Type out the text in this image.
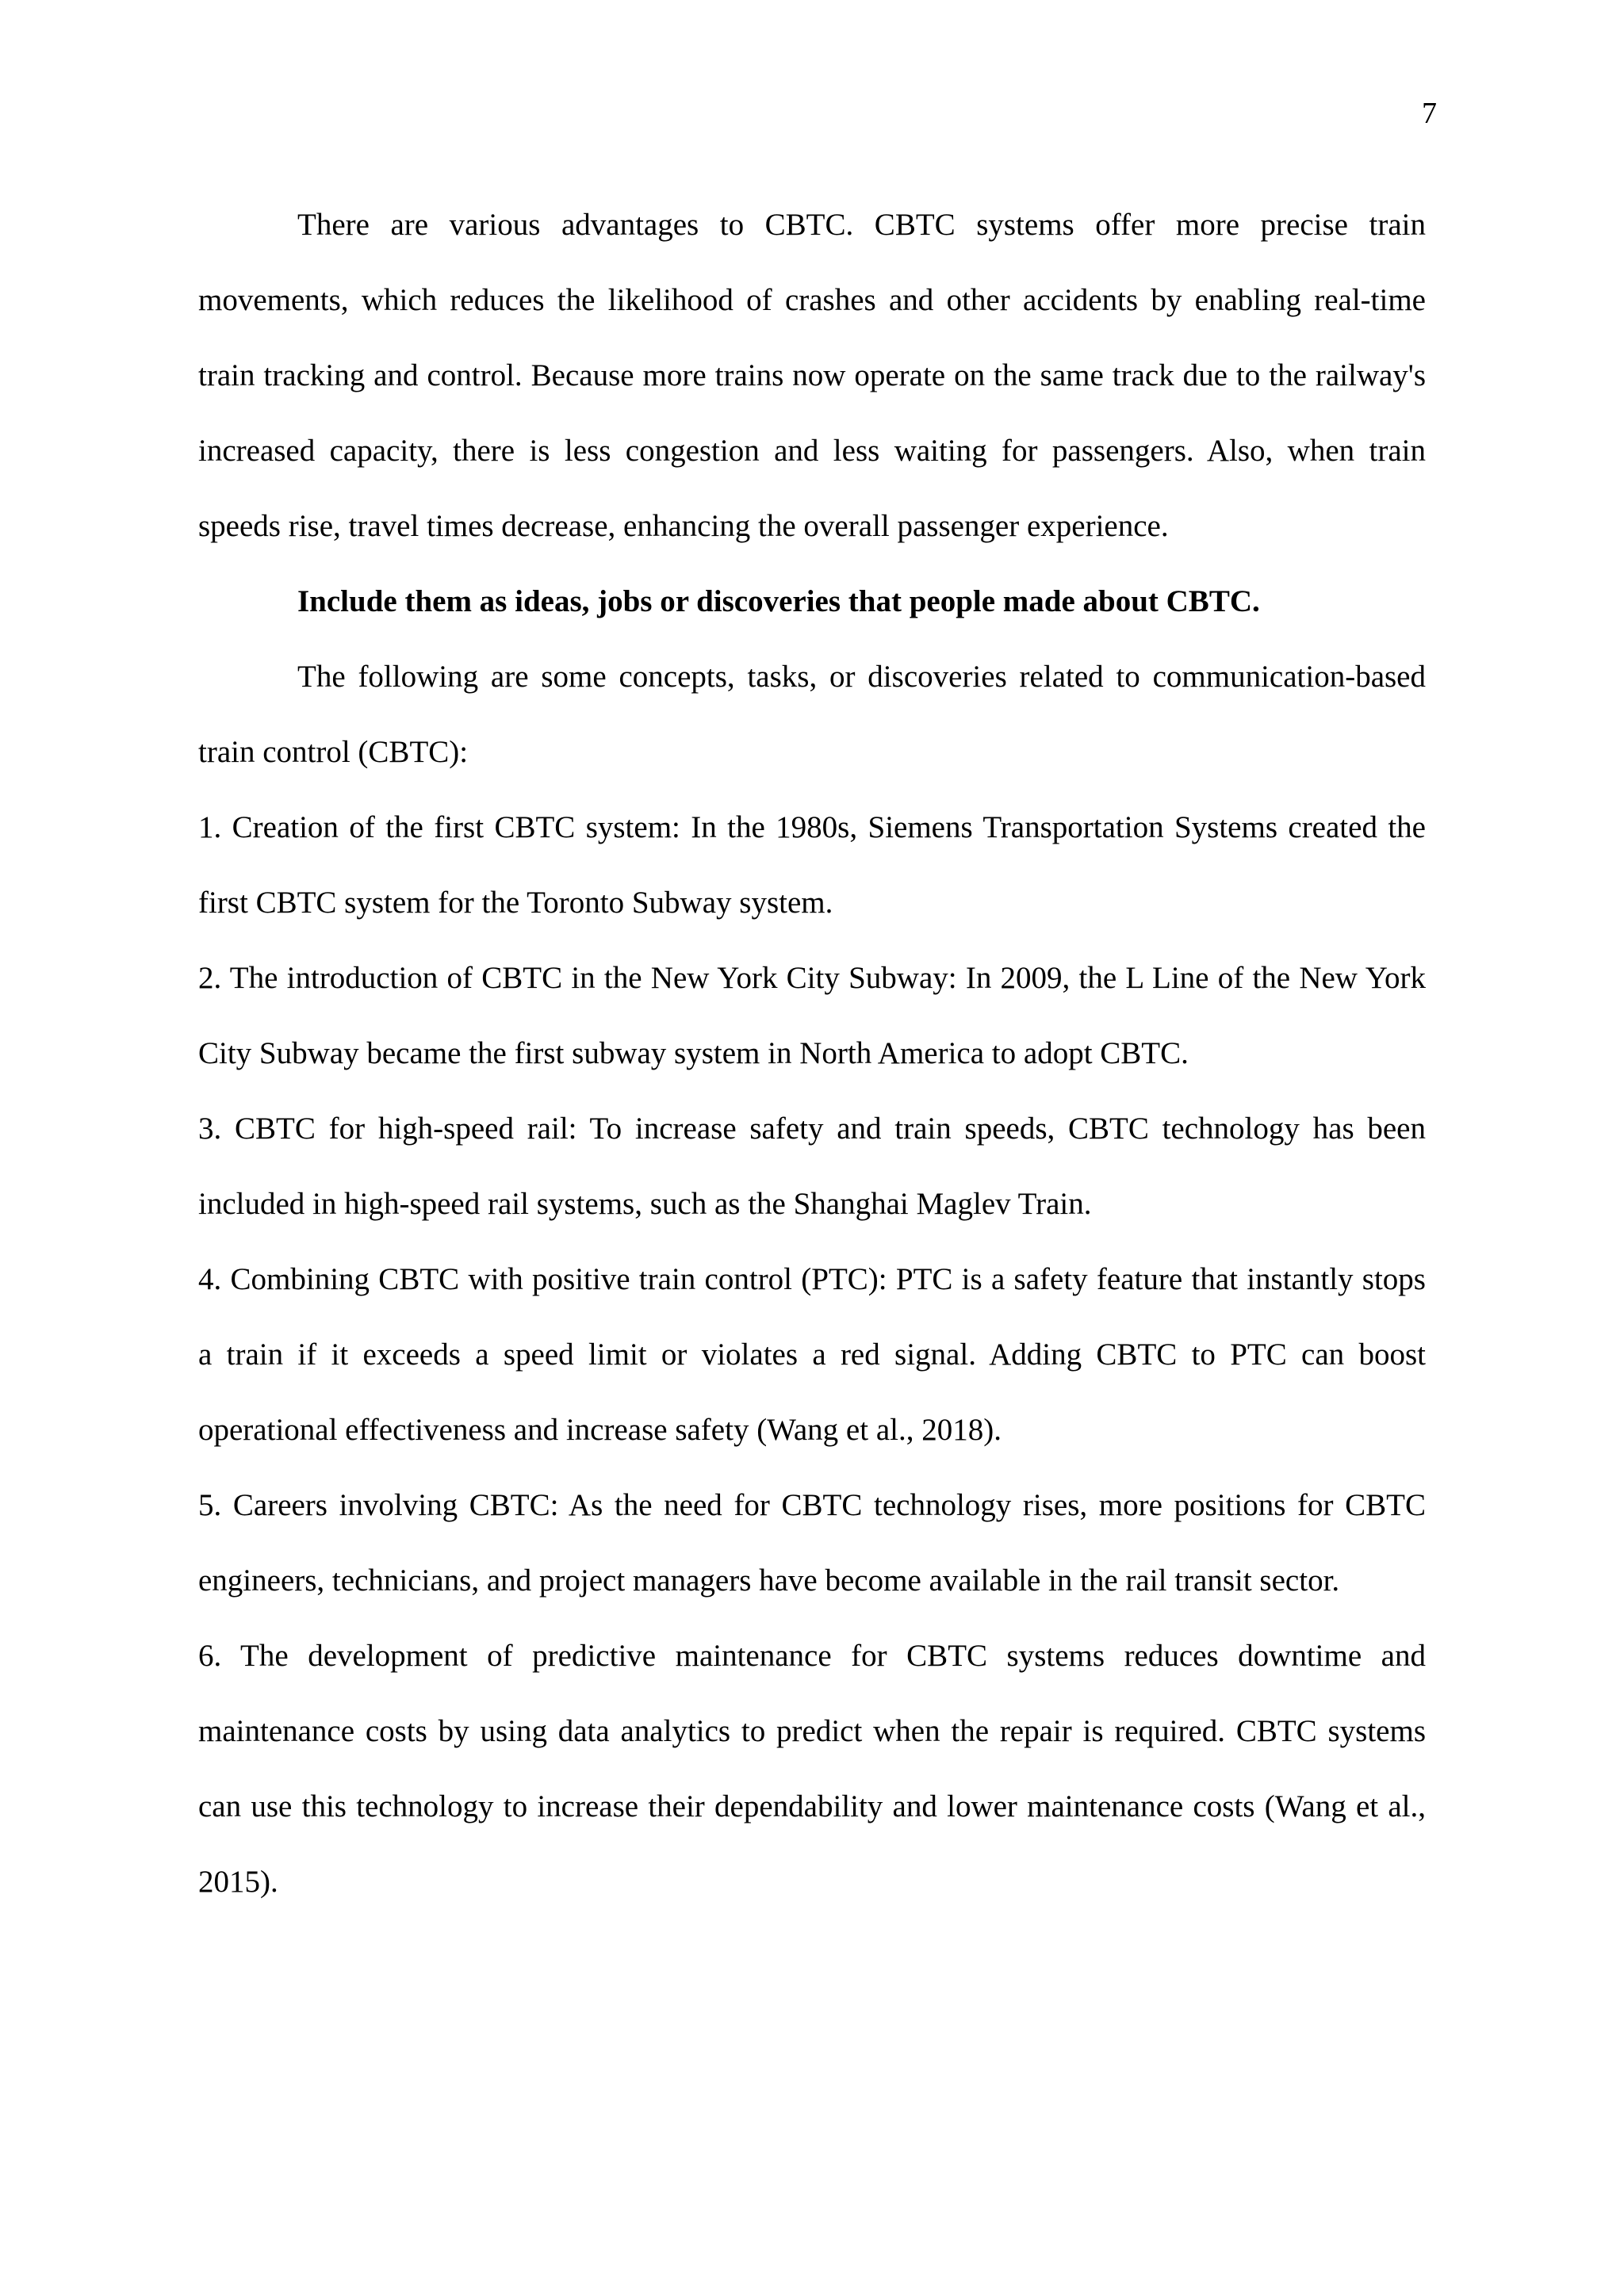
7

There are various advantages to CBTC. CBTC systems offer more precise train movements, which reduces the likelihood of crashes and other accidents by enabling real-time train tracking and control. Because more trains now operate on the same track due to the railway's increased capacity, there is less congestion and less waiting for passengers. Also, when train speeds rise, travel times decrease, enhancing the overall passenger experience.

Include them as ideas, jobs or discoveries that people made about CBTC.

The following are some concepts, tasks, or discoveries related to communication-based train control (CBTC):

1. Creation of the first CBTC system: In the 1980s, Siemens Transportation Systems created the first CBTC system for the Toronto Subway system.

2. The introduction of CBTC in the New York City Subway: In 2009, the L Line of the New York City Subway became the first subway system in North America to adopt CBTC.

3. CBTC for high-speed rail: To increase safety and train speeds, CBTC technology has been included in high-speed rail systems, such as the Shanghai Maglev Train.

4. Combining CBTC with positive train control (PTC): PTC is a safety feature that instantly stops a train if it exceeds a speed limit or violates a red signal. Adding CBTC to PTC can boost operational effectiveness and increase safety (Wang et al., 2018).

5. Careers involving CBTC: As the need for CBTC technology rises, more positions for CBTC engineers, technicians, and project managers have become available in the rail transit sector.

6. The development of predictive maintenance for CBTC systems reduces downtime and maintenance costs by using data analytics to predict when the repair is required. CBTC systems can use this technology to increase their dependability and lower maintenance costs (Wang et al., 2015).
